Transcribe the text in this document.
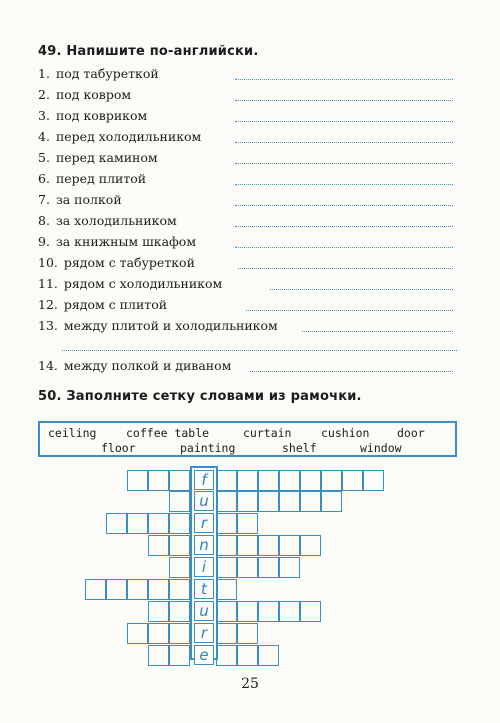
49. Напишите по-английски.
1. под табуреткой
2. под ковром
3. под ковриком
4. перед холодильником
5. перед камином
6. перед плитой
7. за полкой
8. за холодильником
9. за книжным шкафом
10. рядом с табуреткой
11. рядом с холодильником
12. рядом с плитой
13. между плитой и холодильником
14. между полкой и диваном
50. Заполните сетку словами из рамочки.
ceiling	coffee table	curtain	cushion door
floor	painting	shelf	window
f
u
r
n
i
t
u
r
e
25
